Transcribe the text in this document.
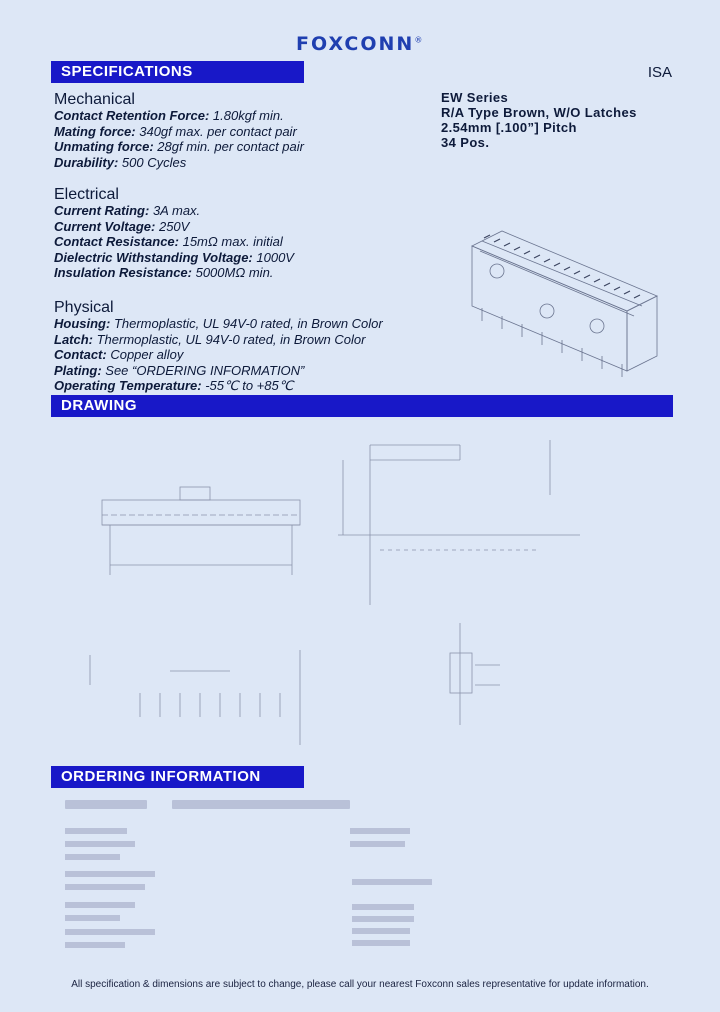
FOXCONN®
SPECIFICATIONS	ISA
EW Series
R/A Type Brown, W/O Latches
2.54mm [.100”] Pitch
34 Pos.
Mechanical
Contact Retention Force: 1.80kgf min.
Mating force: 340gf max. per contact pair
Unmating force: 28gf min. per contact pair
Durability: 500 Cycles
Electrical
Current Rating: 3A max.
Current Voltage: 250V
Contact Resistance: 15mΩ max. initial
Dielectric Withstanding Voltage: 1000V
Insulation Resistance: 5000MΩ min.
Physical
Housing: Thermoplastic, UL 94V-0 rated, in Brown Color
Latch: Thermoplastic, UL 94V-0 rated, in Brown Color
Contact: Copper alloy
Plating: See “ORDERING INFORMATION”
Operating Temperature: -55℃ to +85℃
DRAWING
ORDERING INFORMATION
All specification & dimensions are subject to change, please call your nearest Foxconn sales representative for update information.
